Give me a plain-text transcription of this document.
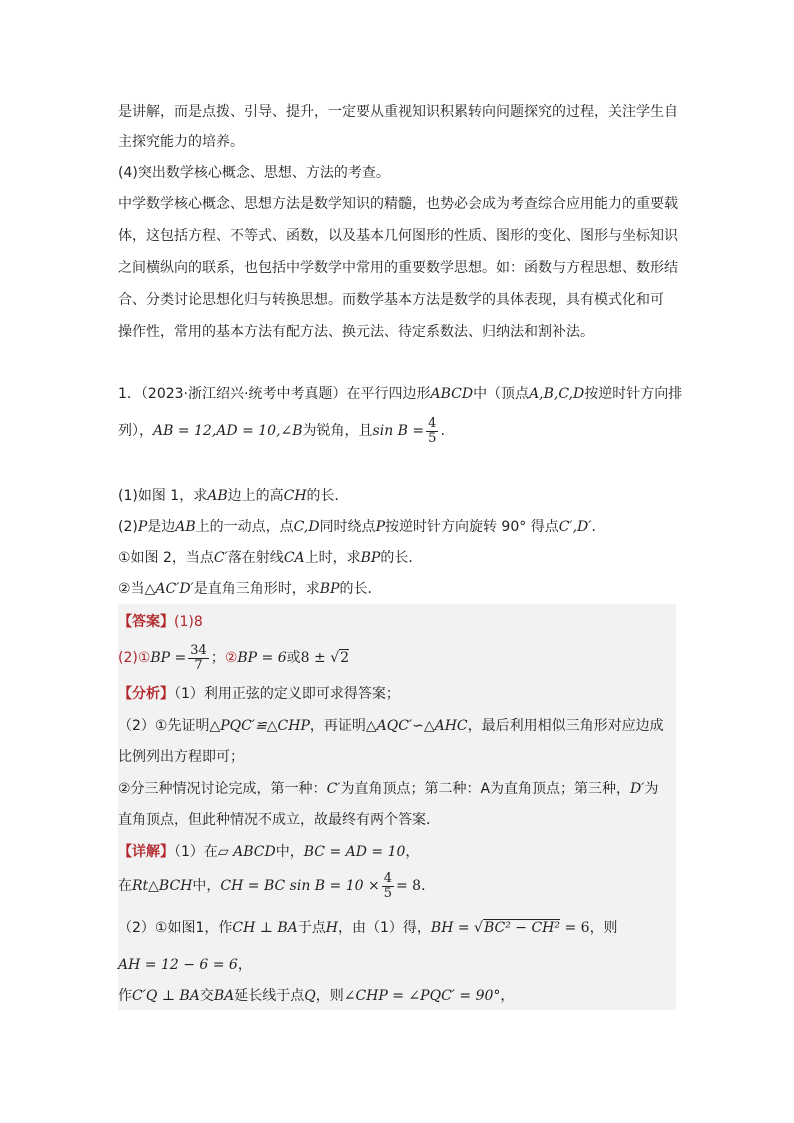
是讲解，而是点拨、引导、提升，一定要从重视知识积累转向问题探究的过程，关注学生自
主探究能力的培养。
(4)突出数学核心概念、思想、方法的考查。
中学数学核心概念、思想方法是数学知识的精髓，也势必会成为考查综合应用能力的重要载
体，这包括方程、不等式、函数，以及基本几何图形的性质、图形的变化、图形与坐标知识
之间横纵向的联系，也包括中学数学中常用的重要数学思想。如：函数与方程思想、数形结
合、分类讨论思想化归与转换思想。而数学基本方法是数学的具体表现，具有模式化和可
操作性，常用的基本方法有配方法、换元法、待定系数法、归纳法和割补法。
1．（2023·浙江绍兴·统考中考真题）在平行四边形ABCD中（顶点A,B,C,D按逆时针方向排
列），AB = 12,AD = 10,∠B为锐角，且$\sin B = \frac{4}{5}$ .
(1)如图 1，求AB边上的高CH的长．
(2)P是边AB上的一动点，点C,D同时绕点P按逆时针方向旋转 90° 得点C′,D′．
①如图 2，当点C′落在射线CA上时，求BP的长．
②当△AC′D′是直角三角形时，求BP的长．
【答案】(1)8
(2)①BP = $\frac{34}{7}$ ；②BP = 6或8 ± √2
【分析】（1）利用正弦的定义即可求得答案；
（2）①先证明△PQC′≌△CHP，再证明△AQC′∽△AHC，最后利用相似三角形对应边成
比例列出方程即可；
②分三种情况讨论完成，第一种：C′为直角顶点；第二种：A为直角顶点；第三种，D′为
直角顶点，但此种情况不成立，故最终有两个答案．
【详解】（1）在▱ ABCD中，BC = AD = 10，
在Rt△BCH中，CH = BC $\sin B = 10 \times \frac{4}{5} = 8$．
（2）①如图1，作CH ⊥ BA于点H，由（1）得，BH = √BC² − CH² = 6，则
AH = 12 − 6 = 6，
作C′Q ⊥ BA交BA延长线于点Q，则∠CHP = ∠PQC′ = 90°，
